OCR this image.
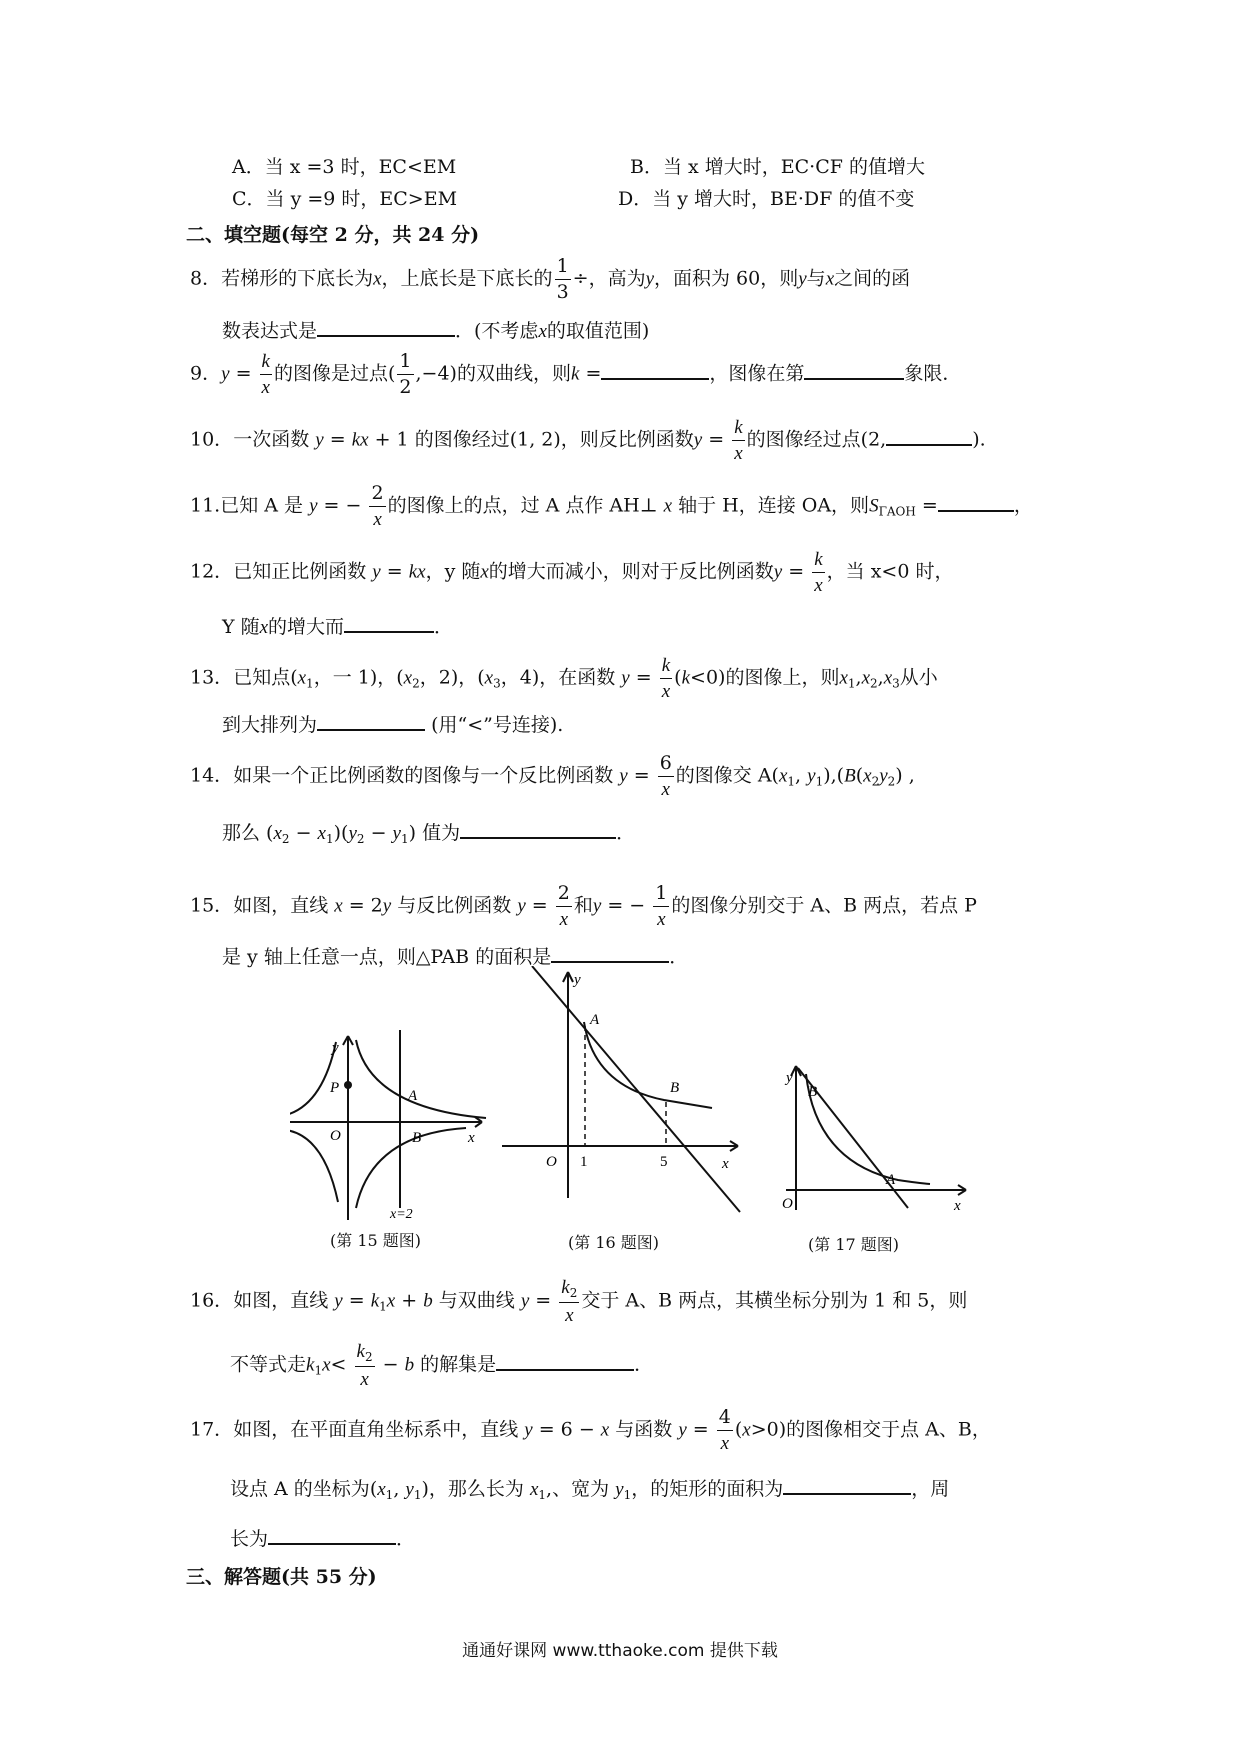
A．当 x =3 时，EC<EM	B．当 x 增大时，EC·CF 的值增大
C．当 y =9 时，EC>EM	D．当 y 增大时，BE·DF 的值不变
二、填空题(每空 2 分，共 24 分)
8．若梯形的下底长为x，上底长是下底长的 $\frac{1}{3}$ ÷，高为y，面积为 60，则y与x之间的函
数表达式是	．(不考虑x的取值范围)
9．$y = \frac{k}{x}$ 的图像是过点( $\frac{1}{2} ,-4$)的双曲线，则k =	，图像在第	象限．
10．一次函数 y = kx + 1 的图像经过(1, 2)，则反比例函数$y = \frac{k}{x}$ 的图像经过点(2,	).
11.已知 A 是 y = − $\frac{2}{x}$ 的图像上的点，过 A 点作 AH⊥ x 轴于 H，连接 OA，则$S_{\Gamma AOH}$ =	，
12．已知正比例函数 y = kx，y 随x的增大而减小，则对于反比例函数$y = \frac{k}{x}$ ，当 x<0 时，
Y 随x的增大而	．
13．已知点($x_1$，一 1)，($x_2$，2)，($x_3$，4)，在函数 $y = \frac{k}{x} (k<0)$的图像上，则$x_1,x_2,x_3$从小
到大排列为	(用“<”号连接).
14．如果一个正比例函数的图像与一个反比例函数 $y = \frac{6}{x}$ 的图像交 $A(x_1$, $y_1),(B(x_2y_2)$ ,
那么 $(x_2 - x_1)(y_2 - y_1)$ 值为	．
15．如图，直线 x = 2y 与反比例函数 $y = \frac{2}{x}$ 和y = − $\frac{1}{x}$ 的图像分别交于 A、B 两点，若点 P
是 y 轴上任意一点，则△PAB 的面积是	．
y
x
O
P	A
B
x=2
(第 15 题图)
y
x
O
A
B
1	5
(第 16 题图)
y
x
O
A
B
(第 17 题图)
16．如图，直线 $y = k_1x + b$ 与双曲线 $y = \frac{k_2}{x}$ 交于 A、B 两点，其横坐标分别为 1 和 5，则
不等式走$k_1x< \frac{k_2}{x} - b$ 的解集是	．
17．如图，在平面直角坐标系中，直线 y = 6 − x 与函数 $y = \frac{4}{x} (x>0)$的图像相交于点 A、B，
设点 A 的坐标为($x_1$, $y_1$)，那么长为 $x_1$,、宽为 $y_1$，的矩形的面积为	，周
长为	．
三、解答题(共 55 分)
通通好课网 www.tthaoke.com 提供下载
